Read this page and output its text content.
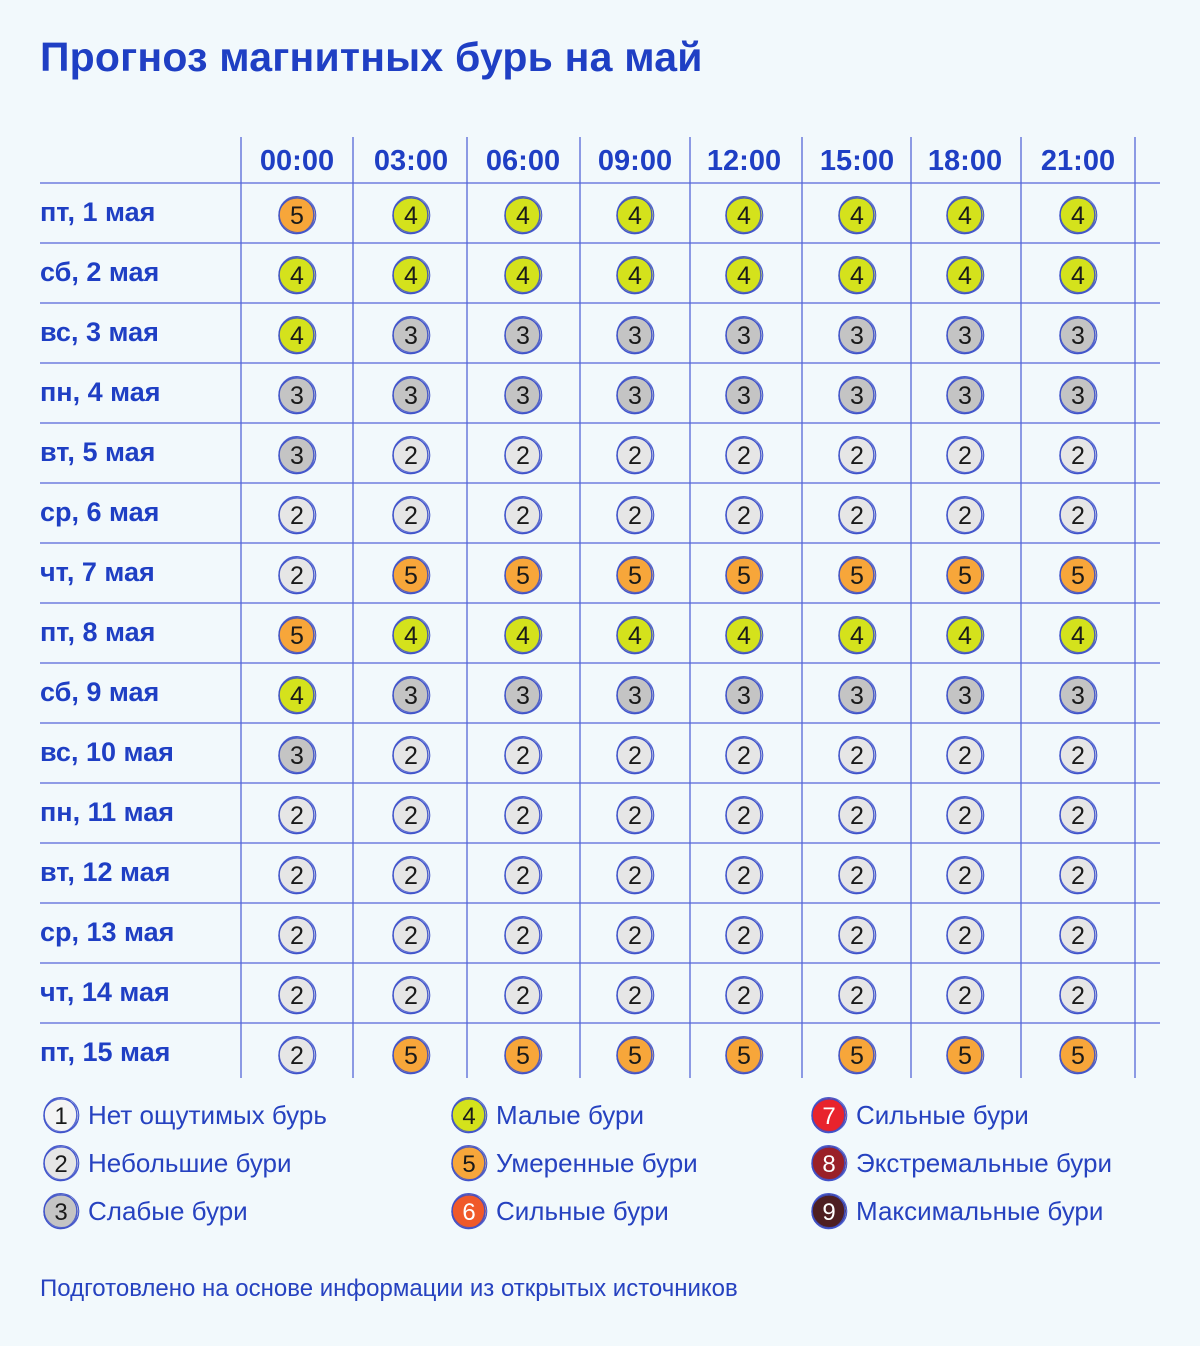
Прогноз магнитных бурь на май
00:00 03:00 06:00 09:00 12:00 15:00 18:00 21:00
пт, 1 мая	5	4	4	4	4	4	4	4
сб, 2 мая	4	4	4	4	4	4	4	4
вс, 3 мая	4	3	3	3	3	3	3	3
пн, 4 мая	3	3	3	3	3	3	3	3
вт, 5 мая	3	2	2	2	2	2	2	2
ср, 6 мая	2	2	2	2	2	2	2	2
чт, 7 мая	2	5	5	5	5	5	5	5
пт, 8 мая	5	4	4	4	4	4	4	4
сб, 9 мая	4	3	3	3	3	3	3	3
вс, 10 мая	3	2	2	2	2	2	2	2
пн, 11 мая	2	2	2	2	2	2	2	2
вт, 12 мая	2	2	2	2	2	2	2	2
ср, 13 мая	2	2	2	2	2	2	2	2
чт, 14 мая	2	2	2	2	2	2	2	2
пт, 15 мая	2	5	5	5	5	5	5	5
1 Нет ощутимых бурь
2 Небольшие бури
3 Слабые бури
4 Малые бури
5 Умеренные бури
6 Сильные бури
7 Сильные бури
8 Экстремальные бури
9 Максимальные бури
Подготовлено на основе информации из открытых источников
